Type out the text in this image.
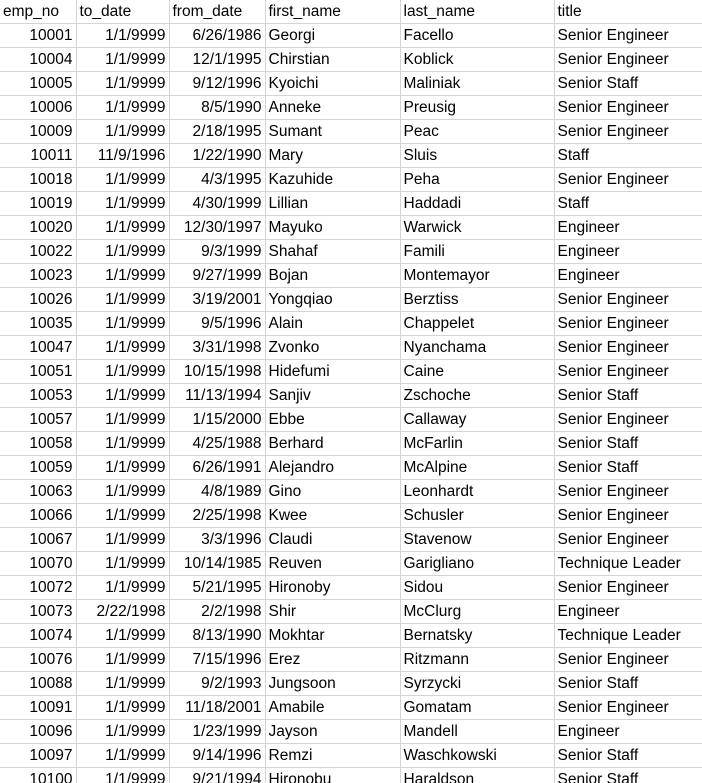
emp_no	to_date	from_date	first_name	last_name	title
10001	1/1/9999	6/26/1986	Georgi	Facello	Senior Engineer
10004	1/1/9999	12/1/1995	Chirstian	Koblick	Senior Engineer
10005	1/1/9999	9/12/1996	Kyoichi	Maliniak	Senior Staff
10006	1/1/9999	8/5/1990	Anneke	Preusig	Senior Engineer
10009	1/1/9999	2/18/1995	Sumant	Peac	Senior Engineer
10011	11/9/1996	1/22/1990	Mary	Sluis	Staff
10018	1/1/9999	4/3/1995	Kazuhide	Peha	Senior Engineer
10019	1/1/9999	4/30/1999	Lillian	Haddadi	Staff
10020	1/1/9999	12/30/1997	Mayuko	Warwick	Engineer
10022	1/1/9999	9/3/1999	Shahaf	Famili	Engineer
10023	1/1/9999	9/27/1999	Bojan	Montemayor	Engineer
10026	1/1/9999	3/19/2001	Yongqiao	Berztiss	Senior Engineer
10035	1/1/9999	9/5/1996	Alain	Chappelet	Senior Engineer
10047	1/1/9999	3/31/1998	Zvonko	Nyanchama	Senior Engineer
10051	1/1/9999	10/15/1998	Hidefumi	Caine	Senior Engineer
10053	1/1/9999	11/13/1994	Sanjiv	Zschoche	Senior Staff
10057	1/1/9999	1/15/2000	Ebbe	Callaway	Senior Engineer
10058	1/1/9999	4/25/1988	Berhard	McFarlin	Senior Staff
10059	1/1/9999	6/26/1991	Alejandro	McAlpine	Senior Staff
10063	1/1/9999	4/8/1989	Gino	Leonhardt	Senior Engineer
10066	1/1/9999	2/25/1998	Kwee	Schusler	Senior Engineer
10067	1/1/9999	3/3/1996	Claudi	Stavenow	Senior Engineer
10070	1/1/9999	10/14/1985	Reuven	Garigliano	Technique Leader
10072	1/1/9999	5/21/1995	Hironoby	Sidou	Senior Engineer
10073	2/22/1998	2/2/1998	Shir	McClurg	Engineer
10074	1/1/9999	8/13/1990	Mokhtar	Bernatsky	Technique Leader
10076	1/1/9999	7/15/1996	Erez	Ritzmann	Senior Engineer
10088	1/1/9999	9/2/1993	Jungsoon	Syrzycki	Senior Staff
10091	1/1/9999	11/18/2001	Amabile	Gomatam	Senior Engineer
10096	1/1/9999	1/23/1999	Jayson	Mandell	Engineer
10097	1/1/9999	9/14/1996	Remzi	Waschkowski	Senior Staff
10100	1/1/9999	9/21/1994	Hironobu	Haraldson	Senior Staff
